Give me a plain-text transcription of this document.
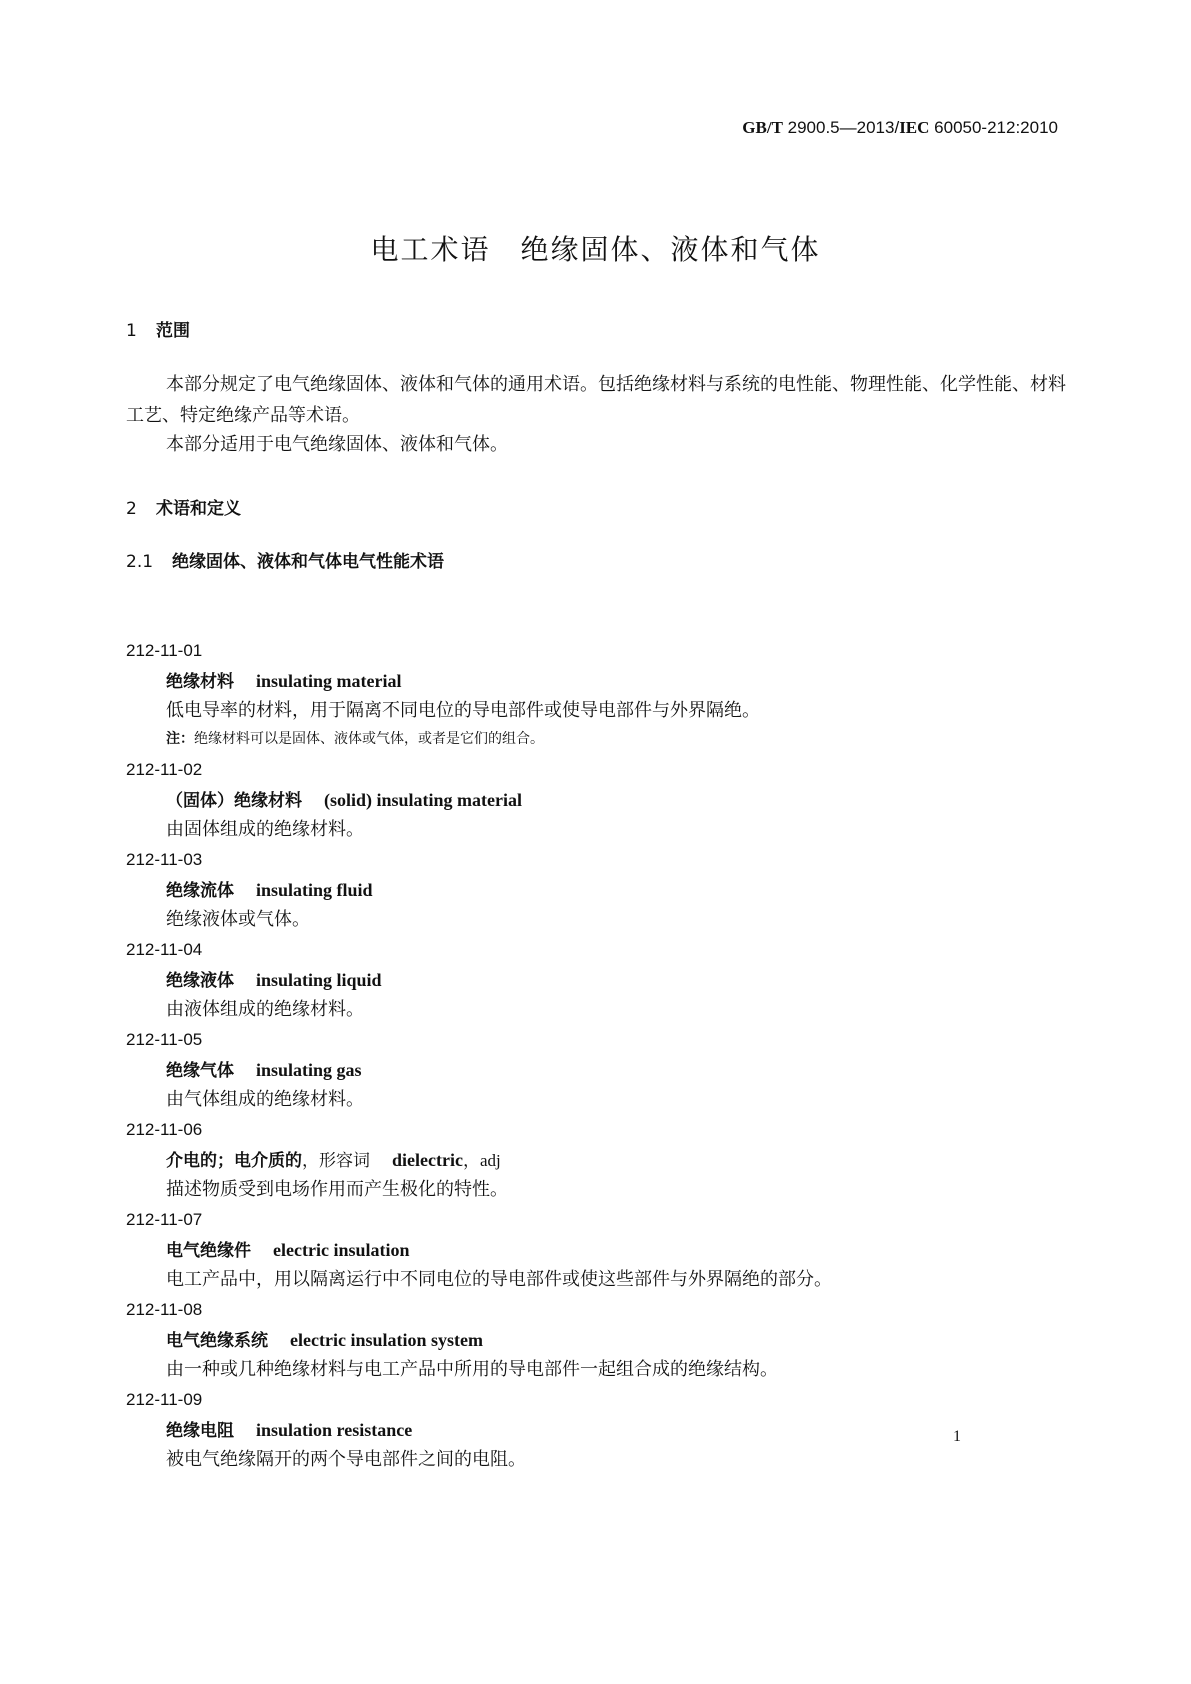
GB/T 2900.5—2013/IEC 60050-212:2010
电工术语　绝缘固体、液体和气体
1 范围

本部分规定了电气绝缘固体、液体和气体的通用术语。包括绝缘材料与系统的电性能、物理性能、化学性能、材料工艺、特定绝缘产品等术语。

本部分适用于电气绝缘固体、液体和气体。

2 术语和定义
2.1 绝缘固体、液体和气体电气性能术语
212-11-01
绝缘材料 insulating material
低电导率的材料，用于隔离不同电位的导电部件或使导电部件与外界隔绝。
注：绝缘材料可以是固体、液体或气体，或者是它们的组合。
212-11-02
（固体）绝缘材料 (solid) insulating material
由固体组成的绝缘材料。
212-11-03
绝缘流体 insulating fluid
绝缘液体或气体。
212-11-04
绝缘液体 insulating liquid
由液体组成的绝缘材料。
212-11-05
绝缘气体 insulating gas
由气体组成的绝缘材料。
212-11-06
介电的；电介质的，形容词 dielectric，adj
描述物质受到电场作用而产生极化的特性。
212-11-07
电气绝缘件 electric insulation
电工产品中，用以隔离运行中不同电位的导电部件或使这些部件与外界隔绝的部分。
212-11-08
电气绝缘系统 electric insulation system
由一种或几种绝缘材料与电工产品中所用的导电部件一起组合成的绝缘结构。
212-11-09
绝缘电阻 insulation resistance
被电气绝缘隔开的两个导电部件之间的电阻。
1
